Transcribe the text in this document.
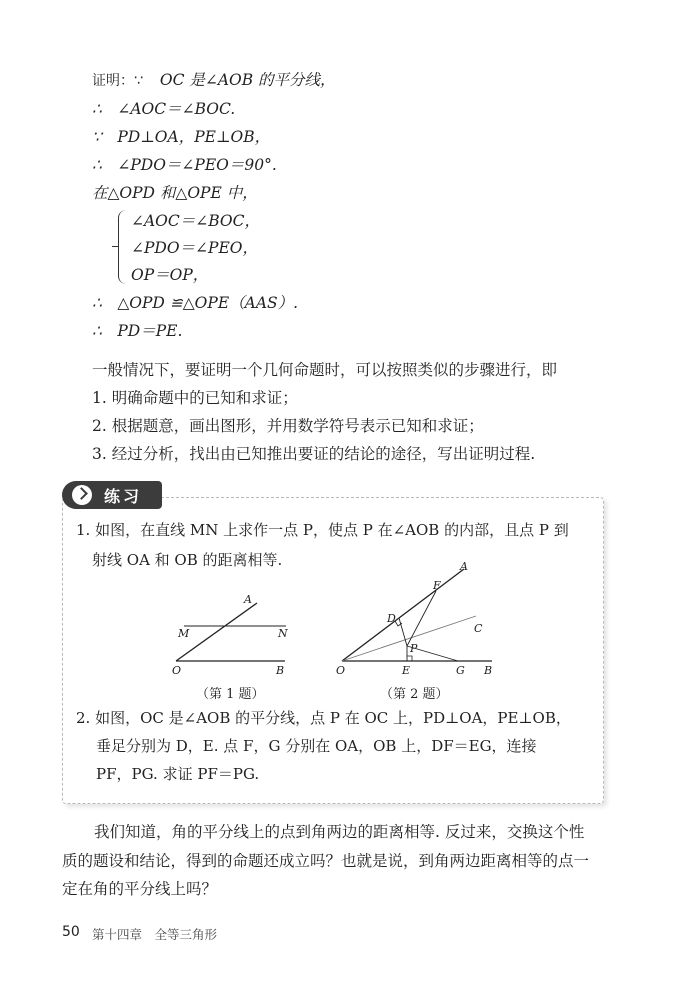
证明：∵ OC 是∠AOB 的平分线，
∴　∠AOC＝∠BOC.
∵　PD⊥OA，PE⊥OB，
∴　∠PDO＝∠PEO＝90°.
在△OPD 和△OPE 中，
∠AOC＝∠BOC，
∠PDO＝∠PEO，
OP＝OP，
∴　△OPD ≌△OPE（AAS）.
∴　PD＝PE.
一般情况下，要证明一个几何命题时，可以按照类似的步骤进行，即
1. 明确命题中的已知和求证；
2. 根据题意，画出图形，并用数学符号表示已知和求证；
3. 经过分析，找出由已知推出要证的结论的途径，写出证明过程.
练习
1. 如图，在直线 MN 上求作一点 P，使点 P 在∠AOB 的内部，且点 P 到
射线 OA 和 OB 的距离相等.
A
M	N
O	B
（第 1 题）
A
F
D
C
P
O	E	G B
（第 2 题）
2. 如图，OC 是∠AOB 的平分线，点 P 在 OC 上，PD⊥OA，PE⊥OB，
垂足分别为 D，E. 点 F，G 分别在 OA，OB 上，DF＝EG，连接
PF，PG. 求证 PF＝PG.
我们知道，角的平分线上的点到角两边的距离相等. 反过来，交换这个性
质的题设和结论，得到的命题还成立吗？也就是说，到角两边距离相等的点一
定在角的平分线上吗？
50 第十四章　全等三角形
